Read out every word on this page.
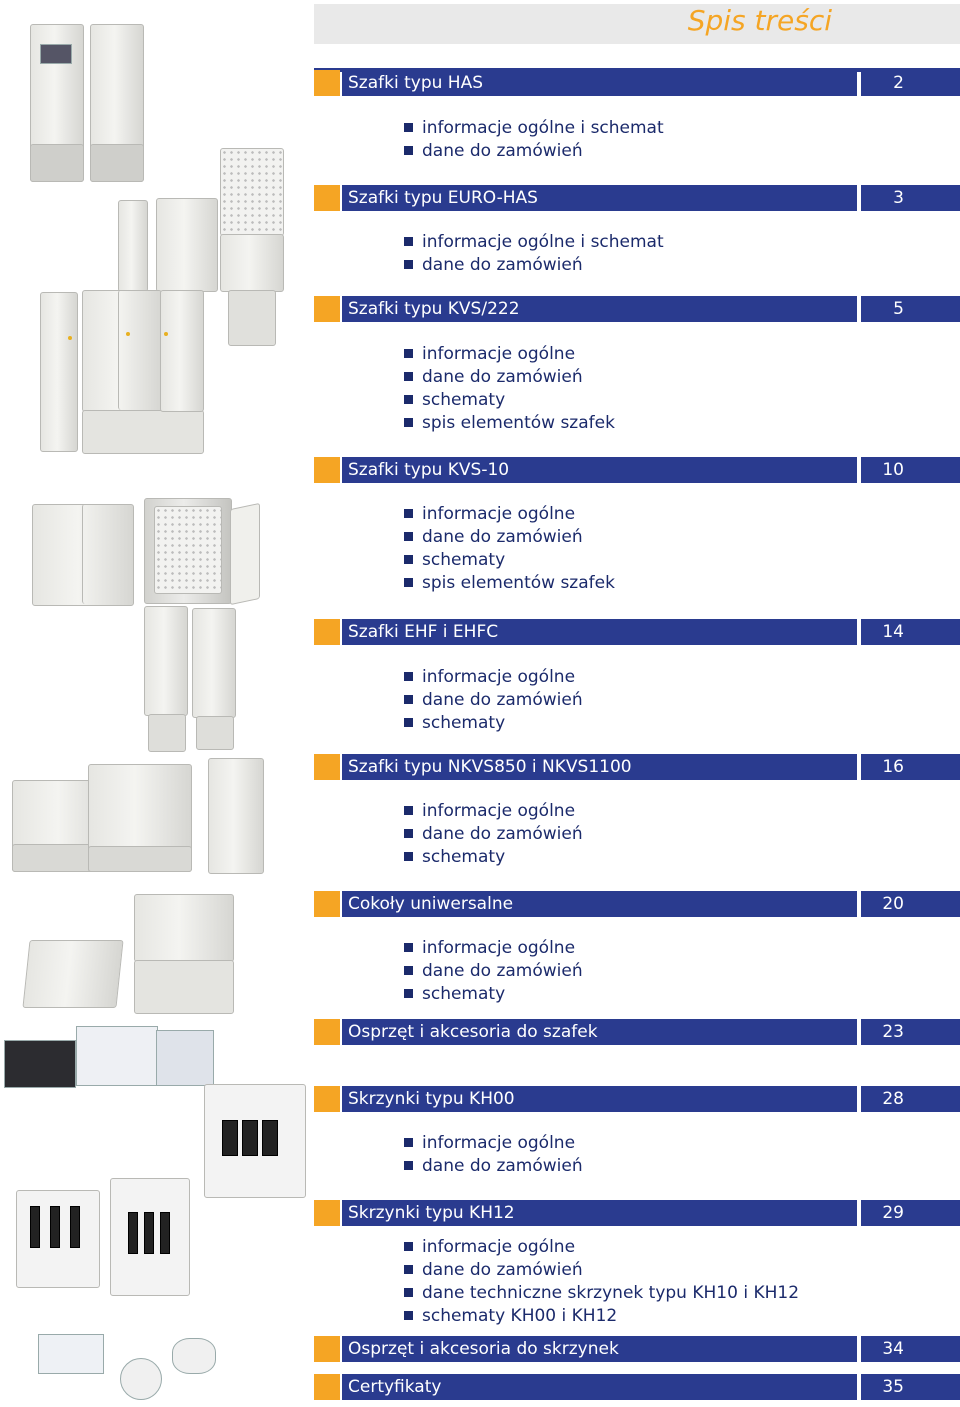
Spis treści
Szafki typu HAS	2
informacje ogólne i schemat
dane do zamówień
Szafki typu EURO-HAS	3
informacje ogólne i schemat
dane do zamówień
Szafki typu KVS/222	5
informacje ogólne
dane do zamówień
schematy
spis elementów szafek
Szafki typu KVS-10	10
informacje ogólne
dane do zamówień
schematy
spis elementów szafek
Szafki EHF i EHFC	14
informacje ogólne
dane do zamówień
schematy
Szafki typu NKVS850 i NKVS1100	16
informacje ogólne
dane do zamówień
schematy
Cokoły uniwersalne	20
informacje ogólne
dane do zamówień
schematy
Osprzęt i akcesoria do szafek	23
Skrzynki typu KH00	28
informacje ogólne
dane do zamówień
Skrzynki typu KH12	29
informacje ogólne
dane do zamówień
dane techniczne skrzynek typu KH10 i KH12
schematy KH00 i KH12
Osprzęt i akcesoria do skrzynek	34
Certyfikaty	35
